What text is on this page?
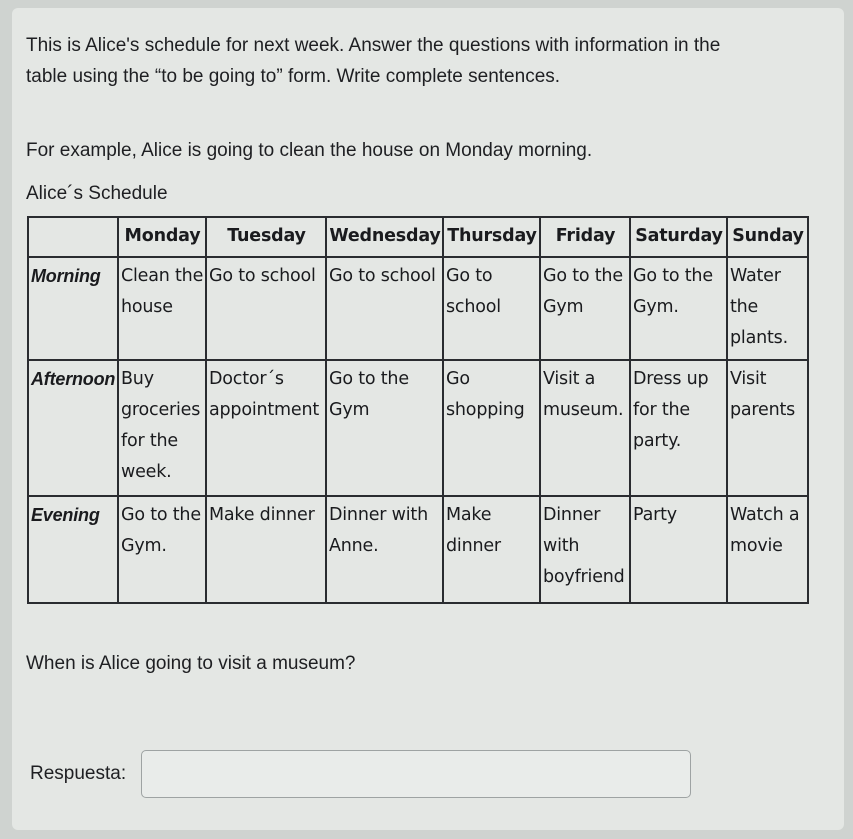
This is Alice's schedule for next week. Answer the questions with information in the table using the “to be going to” form. Write complete sentences.

For example, Alice is going to clean the house on Monday morning.

Alice´s Schedule

	Monday	Tuesday	Wednesday	Thursday	Friday	Saturday	Sunday
Morning	Clean the house	Go to school	Go to school	Go to school	Go to the Gym	Go to the Gym.	Water the plants.
Afternoon	Buy groceries for the week.	Doctor´s appointment	Go to the Gym	Go shopping	Visit a museum.	Dress up for the party.	Visit parents
Evening	Go to the Gym.	Make dinner	Dinner with Anne.	Make dinner	Dinner with boyfriend	Party	Watch a movie

When is Alice going to visit a museum?

Respuesta:
